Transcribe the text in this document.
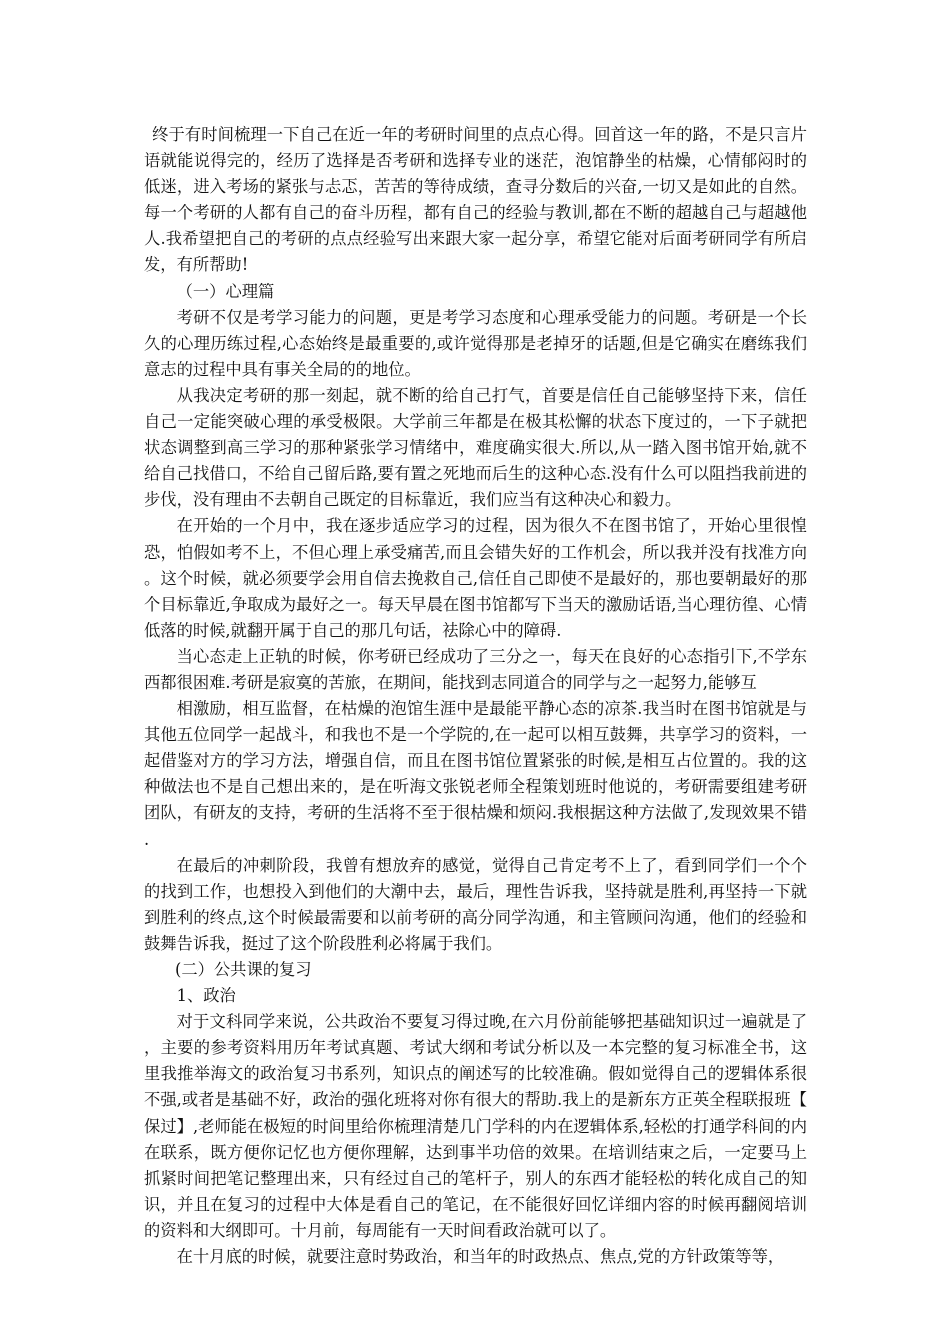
终于有时间梳理一下自己在近一年的考研时间里的点点心得。回首这一年的路，不是只言片语就能说得完的，经历了选择是否考研和选择专业的迷茫，泡馆静坐的枯燥，心情郁闷时的低迷，进入考场的紧张与忐忑，苦苦的等待成绩，查寻分数后的兴奋,一切又是如此的自然。每一个考研的人都有自己的奋斗历程，都有自己的经验与教训,都在不断的超越自己与超越他人.我希望把自己的考研的点点经验写出来跟大家一起分享，希望它能对后面考研同学有所启发，有所帮助!

（一）心理篇

考研不仅是考学习能力的问题，更是考学习态度和心理承受能力的问题。考研是一个长久的心理历练过程,心态始终是最重要的,或许觉得那是老掉牙的话题,但是它确实在磨练我们意志的过程中具有事关全局的的地位。

从我决定考研的那一刻起，就不断的给自己打气，首要是信任自己能够坚持下来，信任自己一定能突破心理的承受极限。大学前三年都是在极其松懈的状态下度过的，一下子就把状态调整到高三学习的那种紧张学习情绪中，难度确实很大.所以,从一踏入图书馆开始,就不给自己找借口，不给自己留后路,要有置之死地而后生的这种心态.没有什么可以阻挡我前进的步伐，没有理由不去朝自己既定的目标靠近，我们应当有这种决心和毅力。

在开始的一个月中，我在逐步适应学习的过程，因为很久不在图书馆了，开始心里很惶恐，怕假如考不上，不但心理上承受痛苦,而且会错失好的工作机会，所以我并没有找准方向。这个时候，就必须要学会用自信去挽救自己,信任自己即使不是最好的，那也要朝最好的那个目标靠近,争取成为最好之一。每天早晨在图书馆都写下当天的激励话语,当心理彷徨、心情低落的时候,就翻开属于自己的那几句话，祛除心中的障碍.

当心态走上正轨的时候，你考研已经成功了三分之一，每天在良好的心态指引下,不学东西都很困难.考研是寂寞的苦旅，在期间，能找到志同道合的同学与之一起努力,能够互

相激励，相互监督，在枯燥的泡馆生涯中是最能平静心态的凉茶.我当时在图书馆就是与其他五位同学一起战斗，和我也不是一个学院的,在一起可以相互鼓舞，共享学习的资料，一起借鉴对方的学习方法，增强自信，而且在图书馆位置紧张的时候,是相互占位置的。我的这种做法也不是自己想出来的，是在听海文张锐老师全程策划班时他说的，考研需要组建考研团队，有研友的支持，考研的生活将不至于很枯燥和烦闷.我根据这种方法做了,发现效果不错.

在最后的冲刺阶段，我曾有想放弃的感觉，觉得自己肯定考不上了，看到同学们一个个的找到工作，也想投入到他们的大潮中去，最后，理性告诉我，坚持就是胜利,再坚持一下就到胜利的终点,这个时候最需要和以前考研的高分同学沟通，和主管顾问沟通，他们的经验和鼓舞告诉我，挺过了这个阶段胜利必将属于我们。

(二）公共课的复习

1、政治

对于文科同学来说，公共政治不要复习得过晚,在六月份前能够把基础知识过一遍就是了，主要的参考资料用历年考试真题、考试大纲和考试分析以及一本完整的复习标准全书，这里我推举海文的政治复习书系列，知识点的阐述写的比较准确。假如觉得自己的逻辑体系很不强,或者是基础不好，政治的强化班将对你有很大的帮助.我上的是新东方正英全程联报班【保过】,老师能在极短的时间里给你梳理清楚几门学科的内在逻辑体系,轻松的打通学科间的内在联系，既方便你记忆也方便你理解，达到事半功倍的效果。在培训结束之后，一定要马上抓紧时间把笔记整理出来，只有经过自己的笔杆子，别人的东西才能轻松的转化成自己的知识，并且在复习的过程中大体是看自己的笔记，在不能很好回忆详细内容的时候再翻阅培训的资料和大纲即可。十月前，每周能有一天时间看政治就可以了。

在十月底的时候，就要注意时势政治，和当年的时政热点、焦点,党的方针政策等等，
